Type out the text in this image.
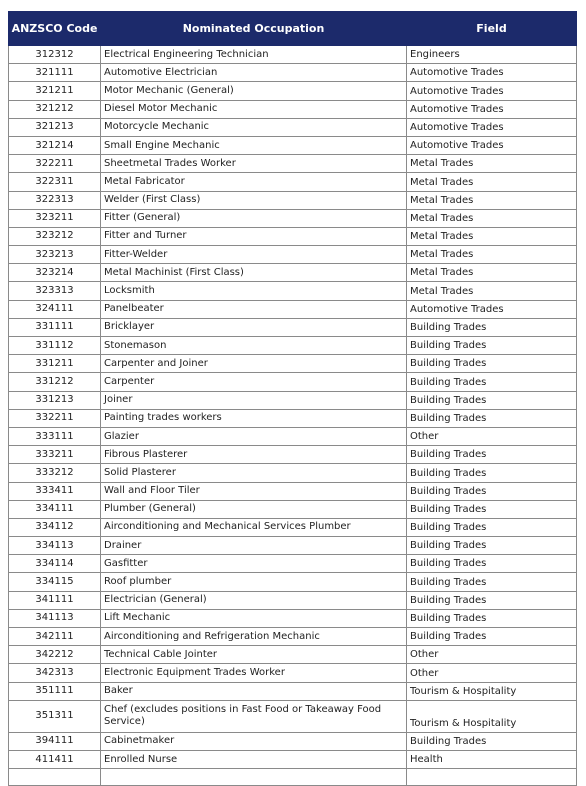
ANZSCO Code	Nominated Occupation	Field
312312	Electrical Engineering Technician	Engineers
321111	Automotive Electrician	Automotive Trades
321211	Motor Mechanic (General)	Automotive Trades
321212	Diesel Motor Mechanic	Automotive Trades
321213	Motorcycle Mechanic	Automotive Trades
321214	Small Engine Mechanic	Automotive Trades
322211	Sheetmetal Trades Worker	Metal Trades
322311	Metal Fabricator	Metal Trades
322313	Welder (First Class)	Metal Trades
323211	Fitter (General)	Metal Trades
323212	Fitter and Turner	Metal Trades
323213	Fitter-Welder	Metal Trades
323214	Metal Machinist (First Class)	Metal Trades
323313	Locksmith	Metal Trades
324111	Panelbeater	Automotive Trades
331111	Bricklayer	Building Trades
331112	Stonemason	Building Trades
331211	Carpenter and Joiner	Building Trades
331212	Carpenter	Building Trades
331213	Joiner	Building Trades
332211	Painting trades workers	Building Trades
333111	Glazier	Other
333211	Fibrous Plasterer	Building Trades
333212	Solid Plasterer	Building Trades
333411	Wall and Floor Tiler	Building Trades
334111	Plumber (General)	Building Trades
334112	Airconditioning and Mechanical Services Plumber	Building Trades
334113	Drainer	Building Trades
334114	Gasfitter	Building Trades
334115	Roof plumber	Building Trades
341111	Electrician (General)	Building Trades
341113	Lift Mechanic	Building Trades
342111	Airconditioning and Refrigeration Mechanic	Building Trades
342212	Technical Cable Jointer	Other
342313	Electronic Equipment Trades Worker	Other
351111	Baker	Tourism & Hospitality
351311	Chef (excludes positions in Fast Food or Takeaway Food Service)	Tourism & Hospitality
394111	Cabinetmaker	Building Trades
411411	Enrolled Nurse	Health
